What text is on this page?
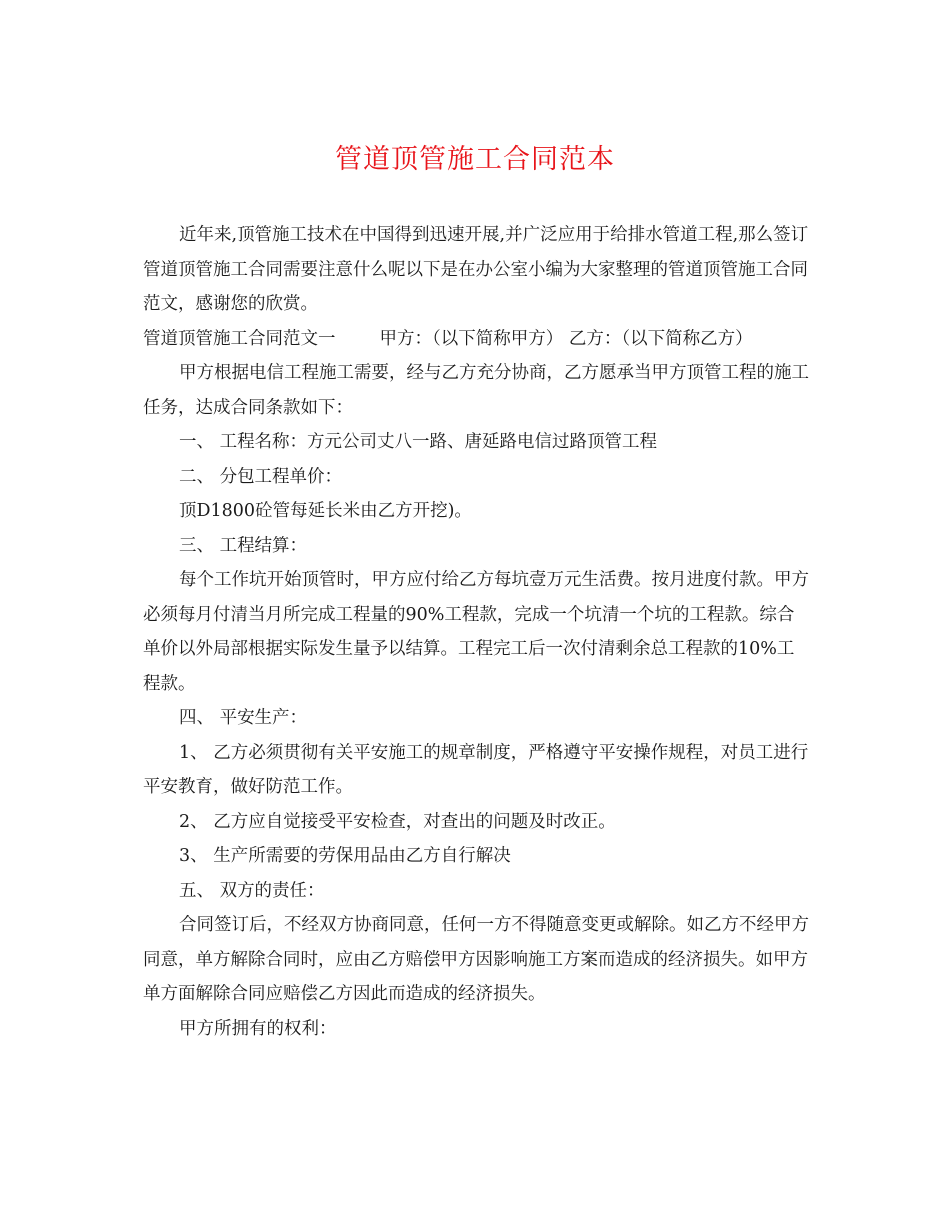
管道顶管施工合同范本

近年来,顶管施工技术在中国得到迅速开展,并广泛应用于给排水管道工程,那么签订管道顶管施工合同需要注意什么呢以下是在办公室小编为大家整理的管道顶管施工合同范文，感谢您的欣赏。

管道顶管施工合同范文一	甲方：（以下简称甲方） 乙方：（以下简称乙方）

甲方根据电信工程施工需要，经与乙方充分协商，乙方愿承当甲方顶管工程的施工任务，达成合同条款如下：

一、 工程名称：方元公司丈八一路、唐延路电信过路顶管工程

二、 分包工程单价：

顶D1800砼管每延长米由乙方开挖)。

三、 工程结算：

每个工作坑开始顶管时，甲方应付给乙方每坑壹万元生活费。按月进度付款。甲方必须每月付清当月所完成工程量的90%工程款，完成一个坑清一个坑的工程款。综合单价以外局部根据实际发生量予以结算。工程完工后一次付清剩余总工程款的10%工程款。

四、 平安生产：

1、 乙方必须贯彻有关平安施工的规章制度，严格遵守平安操作规程，对员工进行平安教育，做好防范工作。

2、 乙方应自觉接受平安检查，对查出的问题及时改正。

3、 生产所需要的劳保用品由乙方自行解决

五、 双方的责任：

合同签订后，不经双方协商同意，任何一方不得随意变更或解除。如乙方不经甲方同意，单方解除合同时，应由乙方赔偿甲方因影响施工方案而造成的经济损失。如甲方单方面解除合同应赔偿乙方因此而造成的经济损失。

甲方所拥有的权利：
